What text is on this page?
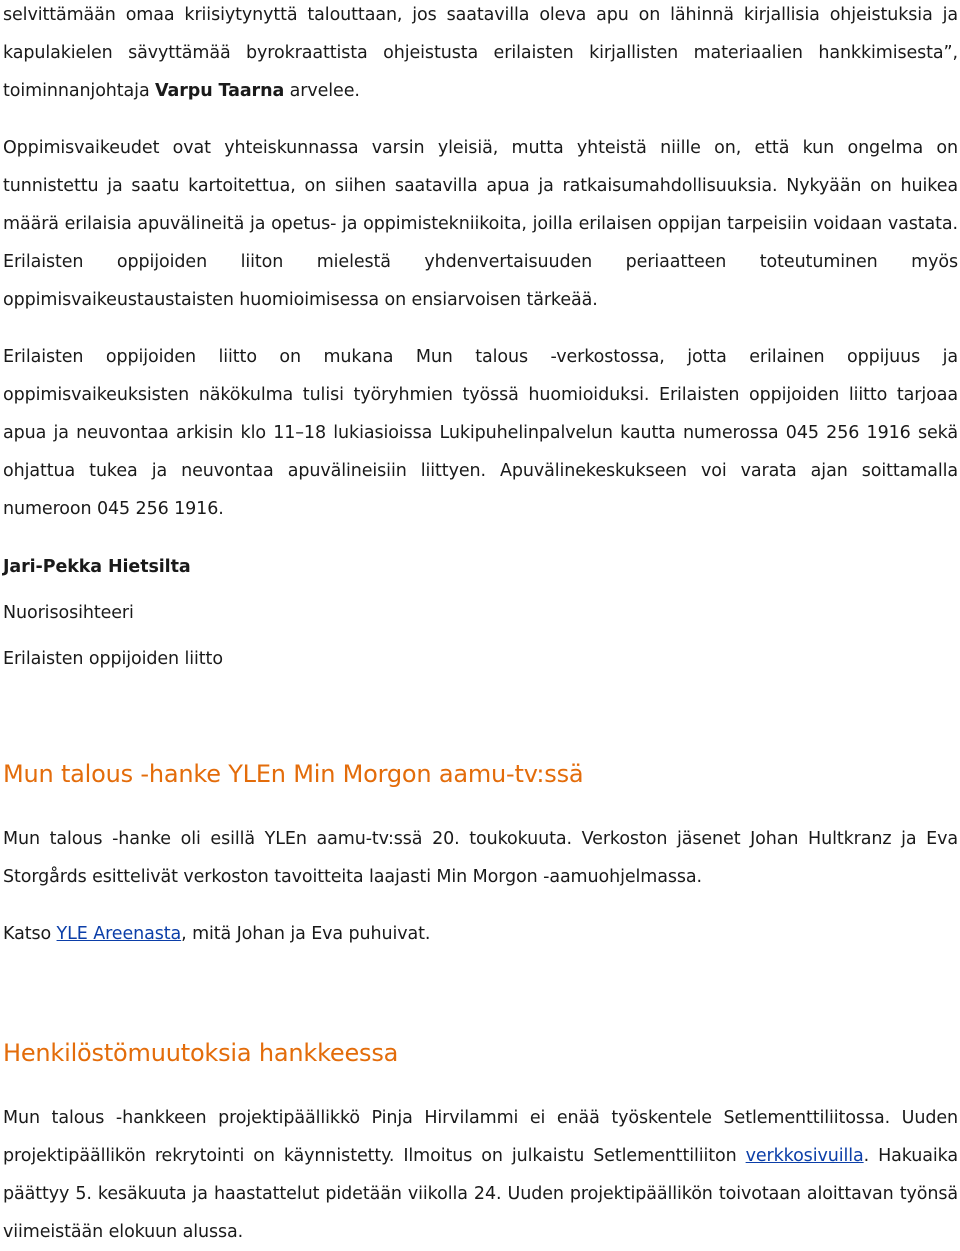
selvittämään omaa kriisiytynyttä talouttaan, jos saatavilla oleva apu on lähinnä kirjallisia ohjeistuksia ja kapulakielen sävyttämää byrokraattista ohjeistusta erilaisten kirjallisten materiaalien hankkimisesta”, toiminnanjohtaja Varpu Taarna arvelee.

Oppimisvaikeudet ovat yhteiskunnassa varsin yleisiä, mutta yhteistä niille on, että kun ongelma on tunnistettu ja saatu kartoitettua, on siihen saatavilla apua ja ratkaisumahdollisuuksia. Nykyään on huikea määrä erilaisia apuvälineitä ja opetus- ja oppimistekniikoita, joilla erilaisen oppijan tarpeisiin voidaan vastata. Erilaisten oppijoiden liiton mielestä yhdenvertaisuuden periaatteen toteutuminen myös oppimisvaikeustaustaisten huomioimisessa on ensiarvoisen tärkeää.

Erilaisten oppijoiden liitto on mukana Mun talous -verkostossa, jotta erilainen oppijuus ja oppimisvaikeuksisten näkökulma tulisi työryhmien työssä huomioiduksi. Erilaisten oppijoiden liitto tarjoaa apua ja neuvontaa arkisin klo 11–18 lukiasioissa Lukipuhelinpalvelun kautta numerossa 045 256 1916 sekä ohjattua tukea ja neuvontaa apuvälineisiin liittyen. Apuvälinekeskukseen voi varata ajan soittamalla numeroon 045 256 1916.

Jari-Pekka Hietsilta

Nuorisosihteeri

Erilaisten oppijoiden liitto

Mun talous -hanke YLEn Min Morgon aamu-tv:ssä

Mun talous -hanke oli esillä YLEn aamu-tv:ssä 20. toukokuuta. Verkoston jäsenet Johan Hultkranz ja Eva Storgårds esittelivät verkoston tavoitteita laajasti Min Morgon -aamuohjelmassa.

Katso YLE Areenasta, mitä Johan ja Eva puhuivat.

Henkilöstömuutoksia hankkeessa

Mun talous -hankkeen projektipäällikkö Pinja Hirvilammi ei enää työskentele Setlementtiliitossa. Uuden projektipäällikön rekrytointi on käynnistetty. Ilmoitus on julkaistu Setlementtiliiton verkkosivuilla. Hakuaika päättyy 5. kesäkuuta ja haastattelut pidetään viikolla 24. Uuden projektipäällikön toivotaan aloittavan työnsä viimeistään elokuun alussa.
